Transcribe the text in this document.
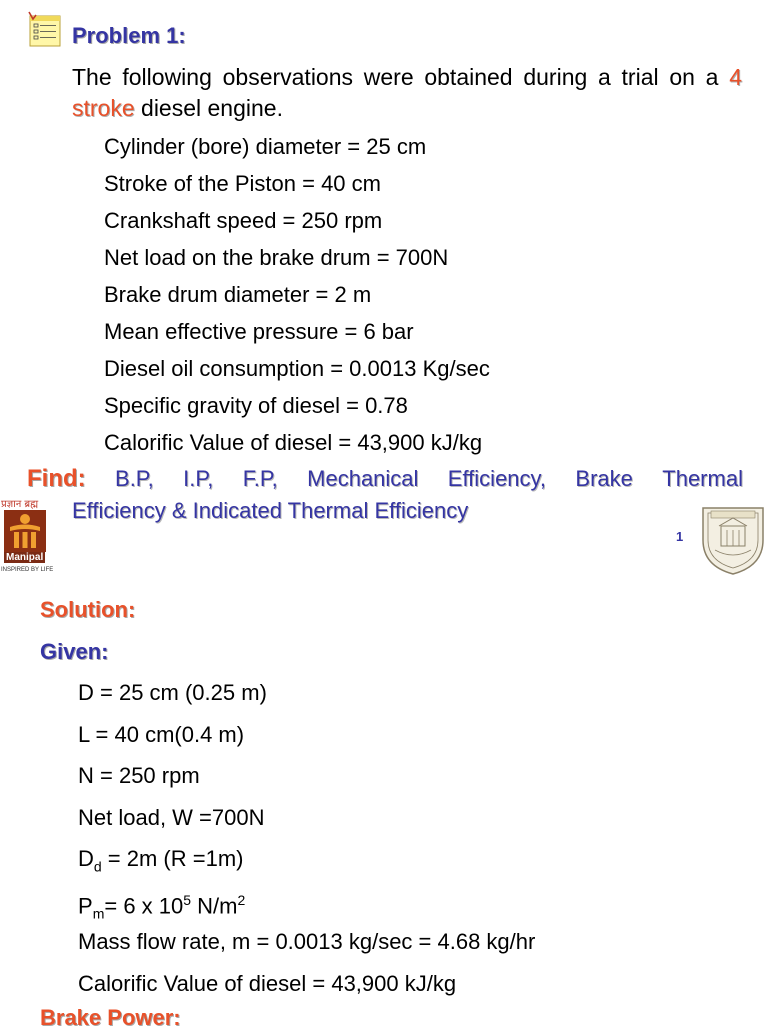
Problem 1:

The following observations were obtained during a trial on a 4 stroke diesel engine.

Cylinder (bore) diameter = 25 cm
Stroke of the Piston = 40 cm
Crankshaft speed = 250 rpm
Net load on the brake drum = 700N
Brake drum diameter = 2 m
Mean effective pressure = 6 bar
Diesel oil consumption = 0.0013 Kg/sec
Specific gravity of diesel = 0.78
Calorific Value of diesel = 43,900 kJ/kg
Find: B.P, I.P, F.P, Mechanical Efficiency, Brake Thermal
Efficiency & Indicated Thermal Efficiency
प्रज्ञान ब्रह्म
Manipal
INSPIRED BY LIFE
1
Solution:
Given:
D = 25 cm (0.25 m)
L = 40 cm(0.4 m)
N = 250 rpm
Net load, W =700N
$D_d = 2m$ (R =1m)
$P_m= 6$ x $10^5$ $N/m^2$
Mass flow rate, m = 0.0013 kg/sec = 4.68 kg/hr
Calorific Value of diesel = 43,900 kJ/kg
Brake Power:
